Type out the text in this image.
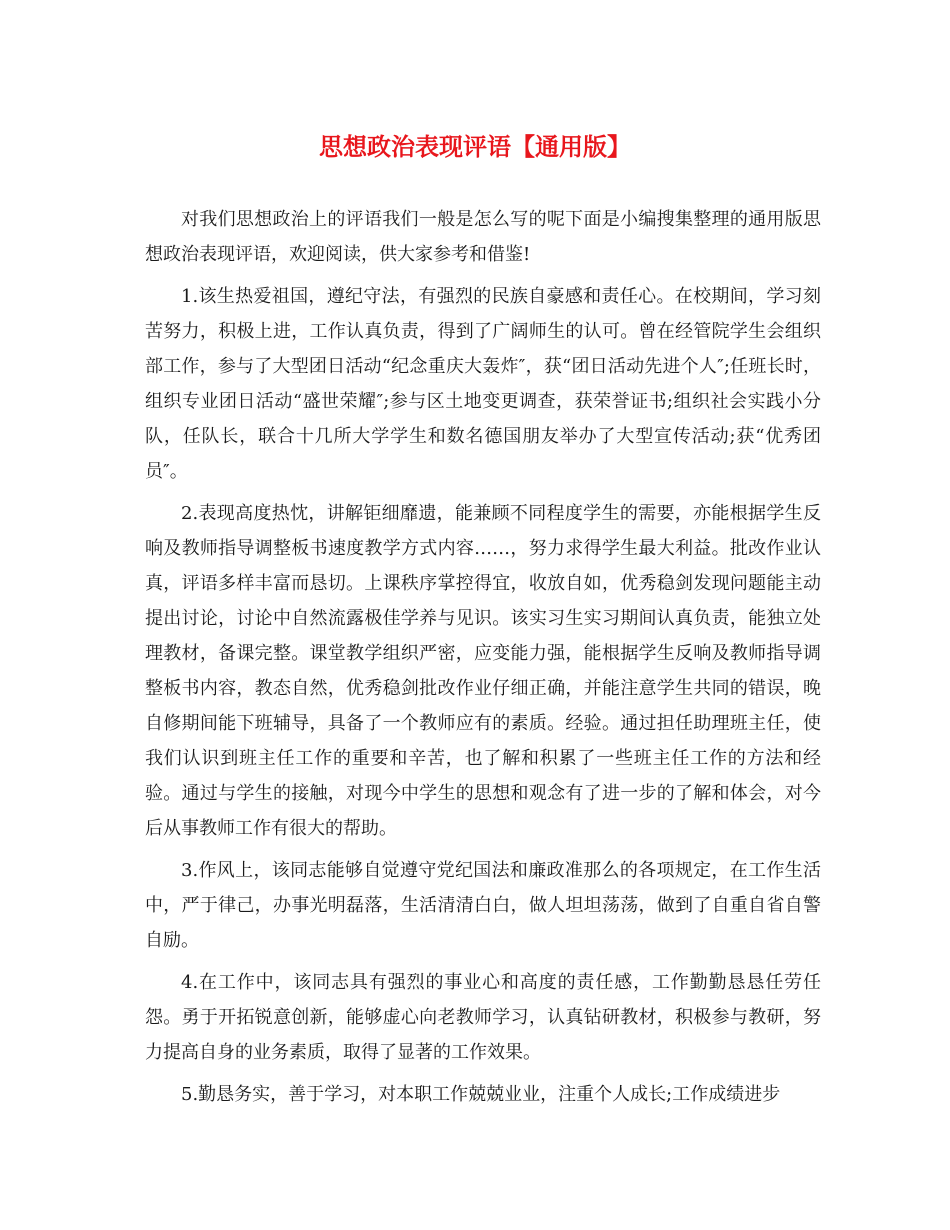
思想政治表现评语【通用版】

对我们思想政治上的评语我们一般是怎么写的呢下面是小编搜集整理的通用版思想政治表现评语，欢迎阅读，供大家参考和借鉴!

1.该生热爱祖国，遵纪守法，有强烈的民族自豪感和责任心。在校期间，学习刻苦努力，积极上进，工作认真负责，得到了广阔师生的认可。曾在经管院学生会组织部工作，参与了大型团日活动“纪念重庆大轰炸″，获“团日活动先进个人″;任班长时，组织专业团日活动“盛世荣耀″;参与区土地变更调查，获荣誉证书;组织社会实践小分队，任队长，联合十几所大学学生和数名德国朋友举办了大型宣传活动;获“优秀团员″。

2.表现高度热忱，讲解钜细靡遗，能兼顾不同程度学生的需要，亦能根据学生反响及教师指导调整板书速度教学方式内容……，努力求得学生最大利益。批改作业认真，评语多样丰富而恳切。上课秩序掌控得宜，收放自如，优秀稳剑发现问题能主动提出讨论，讨论中自然流露极佳学养与见识。该实习生实习期间认真负责，能独立处理教材，备课完整。课堂教学组织严密，应变能力强，能根据学生反响及教师指导调整板书内容，教态自然，优秀稳剑批改作业仔细正确，并能注意学生共同的错误，晚自修期间能下班辅导，具备了一个教师应有的素质。经验。通过担任助理班主任，使我们认识到班主任工作的重要和辛苦，也了解和积累了一些班主任工作的方法和经验。通过与学生的接触，对现今中学生的思想和观念有了进一步的了解和体会，对今后从事教师工作有很大的帮助。

3.作风上，该同志能够自觉遵守党纪国法和廉政准那么的各项规定，在工作生活中，严于律己，办事光明磊落，生活清清白白，做人坦坦荡荡，做到了自重自省自警自励。

4.在工作中，该同志具有强烈的事业心和高度的责任感，工作勤勤恳恳任劳任怨。勇于开拓锐意创新，能够虚心向老教师学习，认真钻研教材，积极参与教研，努力提高自身的业务素质，取得了显著的工作效果。

5.勤恳务实，善于学习，对本职工作兢兢业业，注重个人成长;工作成绩进步
